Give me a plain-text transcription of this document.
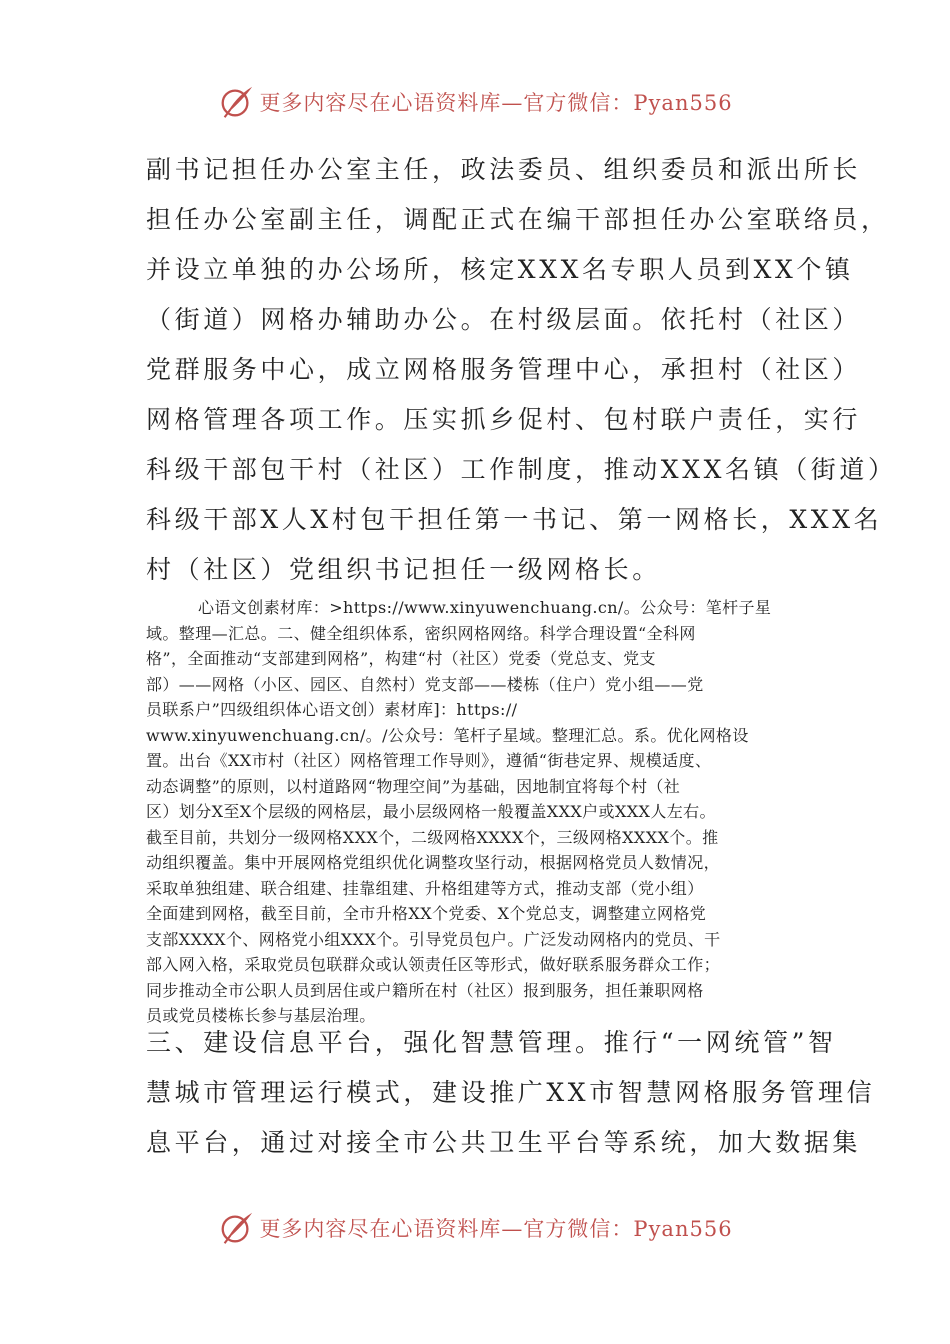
更多内容尽在心语资料库—官方微信：Pyan556
副书记担任办公室主任，政法委员、组织委员和派出所长
担任办公室副主任，调配正式在编干部担任办公室联络员，
并设立单独的办公场所，核定XXX名专职人员到XX个镇
（街道）网格办辅助办公。在村级层面。依托村（社区）
党群服务中心，成立网格服务管理中心，承担村（社区）
网格管理各项工作。压实抓乡促村、包村联户责任，实行
科级干部包干村（社区）工作制度，推动XXX名镇（街道）
科级干部X人X村包干担任第一书记、第一网格长，XXX名
村（社区）党组织书记担任一级网格长。
心语文创素材库：>https://www.xinyuwenchuang.cn/。公众号：笔杆子星
域。整理—汇总。二、健全组织体系，密织网格网络。科学合理设置“全科网
格”，全面推动“支部建到网格”，构建“村（社区）党委（党总支、党支
部）——网格（小区、园区、自然村）党支部——楼栋（住户）党小组——党
员联系户”四级组织体心语文创）素材库]：https://
www.xinyuwenchuang.cn/。/公众号：笔杆子星域。整理汇总。系。优化网格设
置。出台《XX市村（社区）网格管理工作导则》，遵循“街巷定界、规模适度、
动态调整”的原则，以村道路网“物理空间”为基础，因地制宜将每个村（社
区）划分X至X个层级的网格层，最小层级网格一般覆盖XXX户或XXX人左右。
截至目前，共划分一级网格XXX个，二级网格XXXX个，三级网格XXXX个。推
动组织覆盖。集中开展网格党组织优化调整攻坚行动，根据网格党员人数情况，
采取单独组建、联合组建、挂靠组建、升格组建等方式，推动支部（党小组）
全面建到网格，截至目前，全市升格XX个党委、X个党总支，调整建立网格党
支部XXXX个、网格党小组XXX个。引导党员包户。广泛发动网格内的党员、干
部入网入格，采取党员包联群众或认领责任区等形式，做好联系服务群众工作；
同步推动全市公职人员到居住或户籍所在村（社区）报到服务，担任兼职网格
员或党员楼栋长参与基层治理。
三、建设信息平台，强化智慧管理。推行“一网统管”智
慧城市管理运行模式，建设推广XX市智慧网格服务管理信
息平台，通过对接全市公共卫生平台等系统，加大数据集
更多内容尽在心语资料库—官方微信：Pyan556
